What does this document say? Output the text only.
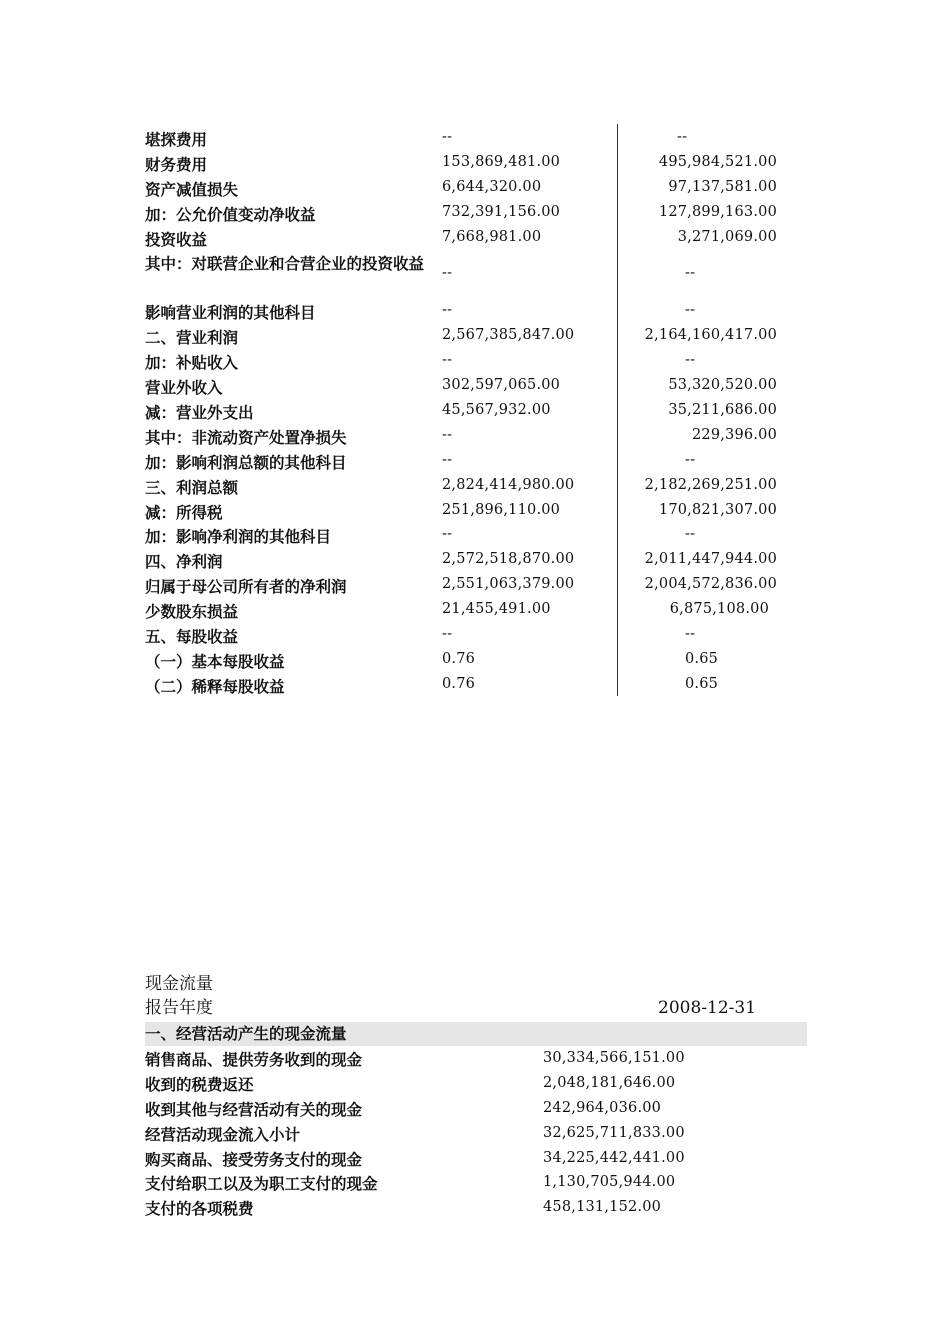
堪探费用	--	--
财务费用	153,869,481.00	495,984,521.00
资产减值损失	6,644,320.00	97,137,581.00
加：公允价值变动净收益	732,391,156.00	127,899,163.00
投资收益	7,668,981.00	3,271,069.00
其中：对联营企业和合营企业的投资收益	--	--
影响营业利润的其他科目	--	--
二、营业利润	2,567,385,847.00	2,164,160,417.00
加：补贴收入	--	--
营业外收入	302,597,065.00	53,320,520.00
减：营业外支出	45,567,932.00	35,211,686.00
其中：非流动资产处置净损失	--	229,396.00
加：影响利润总额的其他科目	--	--
三、利润总额	2,824,414,980.00	2,182,269,251.00
减：所得税	251,896,110.00	170,821,307.00
加：影响净利润的其他科目	--	--
四、净利润	2,572,518,870.00	2,011,447,944.00
归属于母公司所有者的净利润	2,551,063,379.00	2,004,572,836.00
少数股东损益	21,455,491.00	6,875,108.00
五、每股收益	--	--
（一）基本每股收益	0.76	0.65
（二）稀释每股收益	0.76	0.65
现金流量
报告年度	2008-12-31
一、经营活动产生的现金流量
销售商品、提供劳务收到的现金	30,334,566,151.00
收到的税费返还	2,048,181,646.00
收到其他与经营活动有关的现金	242,964,036.00
经营活动现金流入小计	32,625,711,833.00
购买商品、接受劳务支付的现金	34,225,442,441.00
支付给职工以及为职工支付的现金	1,130,705,944.00
支付的各项税费	458,131,152.00
